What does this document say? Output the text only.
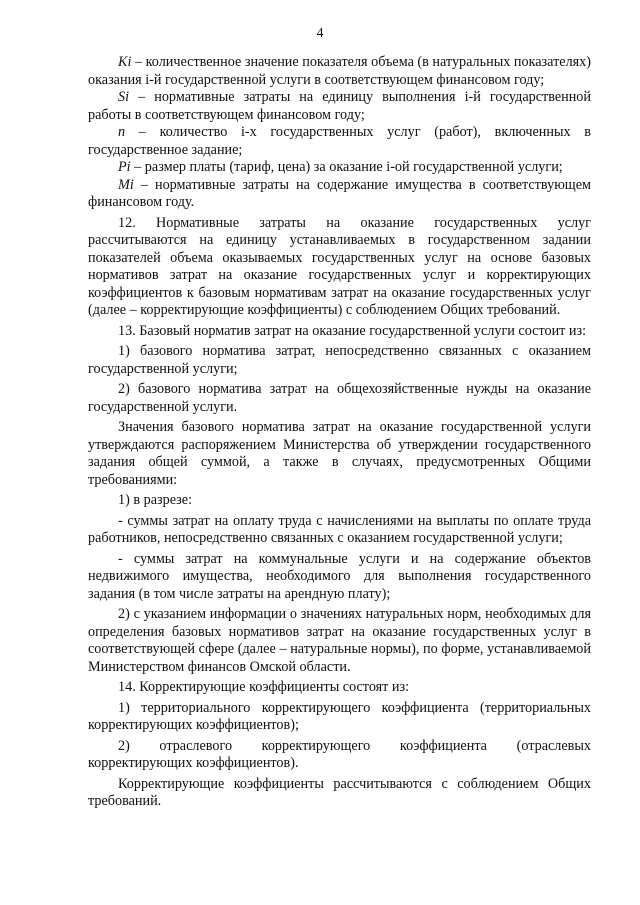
4

Ki – количественное значение показателя объема (в натуральных показателях) оказания i-й государственной услуги в соответствующем финансовом году;

Si – нормативные затраты на единицу выполнения i-й государственной работы в соответствующем финансовом году;

n – количество i-х государственных услуг (работ), включенных в государственное задание;

Pi – размер платы (тариф, цена) за оказание i-ой государственной услуги;

Mi – нормативные затраты на содержание имущества в соответствующем финансовом году.

12. Нормативные затраты на оказание государственных услуг рассчитываются на единицу устанавливаемых в государственном задании показателей объема оказываемых государственных услуг на основе базовых нормативов затрат на оказание государственных услуг и корректирующих коэффициентов к базовым нормативам затрат на оказание государственных услуг (далее – корректирующие коэффициенты) с соблюдением Общих требований.

13. Базовый норматив затрат на оказание государственной услуги состоит из:

1) базового норматива затрат, непосредственно связанных с оказанием государственной услуги;

2) базового норматива затрат на общехозяйственные нужды на оказание государственной услуги.

Значения базового норматива затрат на оказание государственной услуги утверждаются распоряжением Министерства об утверждении государственного задания общей суммой, а также в случаях, предусмотренных Общими требованиями:

1) в разрезе:

- суммы затрат на оплату труда с начислениями на выплаты по оплате труда работников, непосредственно связанных с оказанием государственной услуги;

- суммы затрат на коммунальные услуги и на содержание объектов недвижимого имущества, необходимого для выполнения государственного задания (в том числе затраты на арендную плату);

2) с указанием информации о значениях натуральных норм, необходимых для определения базовых нормативов затрат на оказание государственных услуг в соответствующей сфере (далее – натуральные нормы), по форме, устанавливаемой Министерством финансов Омской области.

14. Корректирующие коэффициенты состоят из:

1) территориального корректирующего коэффициента (территориальных корректирующих коэффициентов);

2) отраслевого корректирующего коэффициента (отраслевых корректирующих коэффициентов).

Корректирующие коэффициенты рассчитываются с соблюдением Общих требований.
